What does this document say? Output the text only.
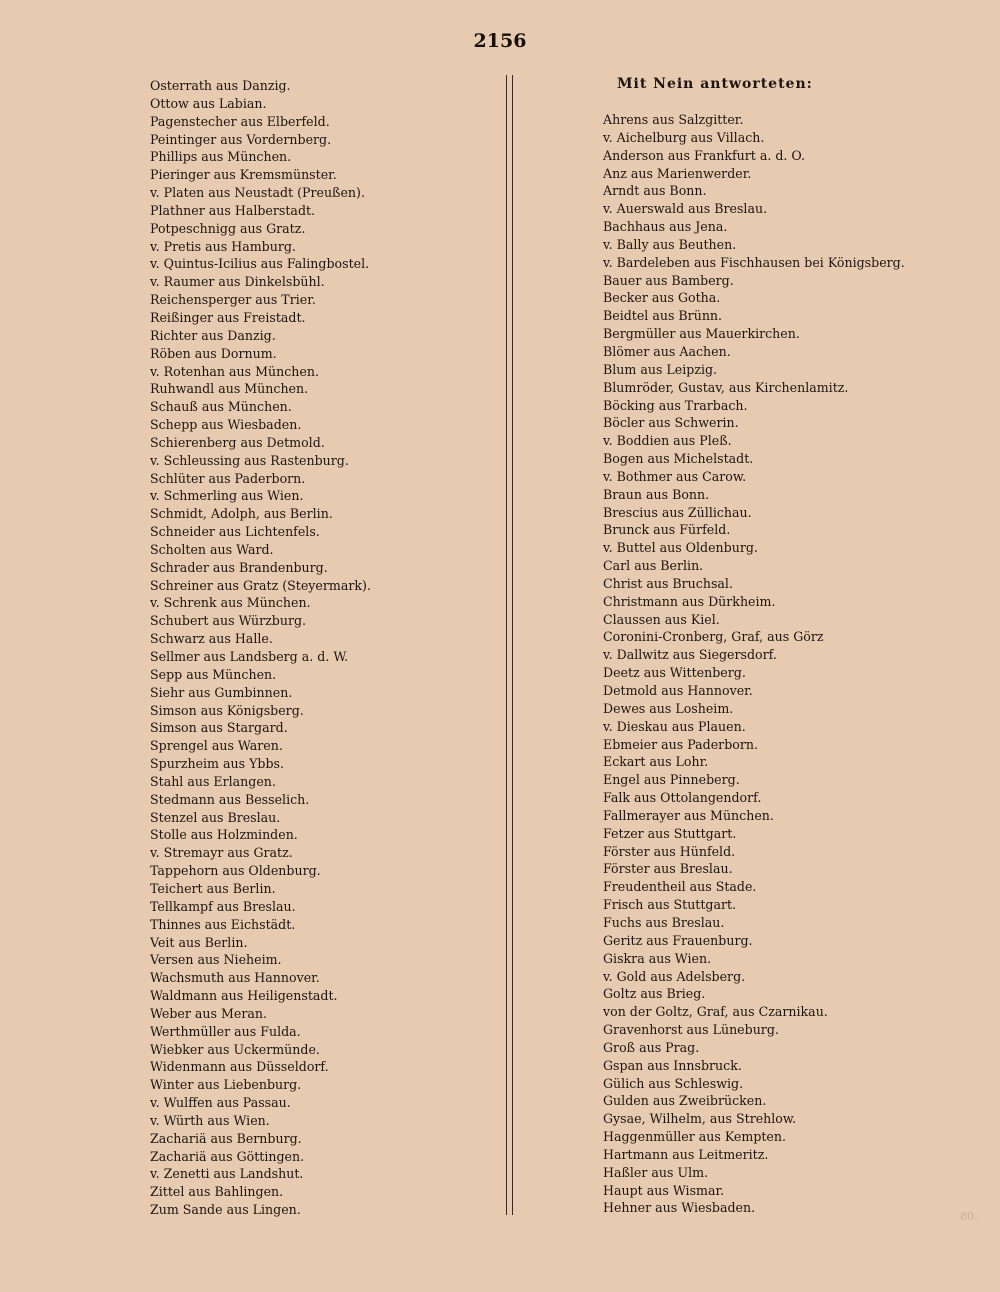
2156
Osterrath aus Danzig.
Ottow aus Labian.
Pagenstecher aus Elberfeld.
Peintinger aus Vordernberg.
Phillips aus München.
Pieringer aus Kremsmünster.
v. Platen aus Neustadt (Preußen).
Plathner aus Halberstadt.
Potpeschnigg aus Gratz.
v. Pretis aus Hamburg.
v. Quintus-Icilius aus Falingbostel.
v. Raumer aus Dinkelsbühl.
Reichensperger aus Trier.
Reißinger aus Freistadt.
Richter aus Danzig.
Röben aus Dornum.
v. Rotenhan aus München.
Ruhwandl aus München.
Schauß aus München.
Schepp aus Wiesbaden.
Schierenberg aus Detmold.
v. Schleussing aus Rastenburg.
Schlüter aus Paderborn.
v. Schmerling aus Wien.
Schmidt, Adolph, aus Berlin.
Schneider aus Lichtenfels.
Scholten aus Ward.
Schrader aus Brandenburg.
Schreiner aus Gratz (Steyermark).
v. Schrenk aus München.
Schubert aus Würzburg.
Schwarz aus Halle.
Sellmer aus Landsberg a. d. W.
Sepp aus München.
Siehr aus Gumbinnen.
Simson aus Königsberg.
Simson aus Stargard.
Sprengel aus Waren.
Spurzheim aus Ybbs.
Stahl aus Erlangen.
Stedmann aus Besselich.
Stenzel aus Breslau.
Stolle aus Holzminden.
v. Stremayr aus Gratz.
Tappehorn aus Oldenburg.
Teichert aus Berlin.
Tellkampf aus Breslau.
Thinnes aus Eichstädt.
Veit aus Berlin.
Versen aus Nieheim.
Wachsmuth aus Hannover.
Waldmann aus Heiligenstadt.
Weber aus Meran.
Werthmüller aus Fulda.
Wiebker aus Uckermünde.
Widenmann aus Düsseldorf.
Winter aus Liebenburg.
v. Wulffen aus Passau.
v. Würth aus Wien.
Zachariä aus Bernburg.
Zachariä aus Göttingen.
v. Zenetti aus Landshut.
Zittel aus Bahlingen.
Zum Sande aus Lingen.
Mit Nein antworteten:
Ahrens aus Salzgitter.
v. Aichelburg aus Villach.
Anderson aus Frankfurt a. d. O.
Anz aus Marienwerder.
Arndt aus Bonn.
v. Auerswald aus Breslau.
Bachhaus aus Jena.
v. Bally aus Beuthen.
v. Bardeleben aus Fischhausen bei Königsberg.
Bauer aus Bamberg.
Becker aus Gotha.
Beidtel aus Brünn.
Bergmüller aus Mauerkirchen.
Blömer aus Aachen.
Blum aus Leipzig.
Blumröder, Gustav, aus Kirchenlamitz.
Böcking aus Trarbach.
Böcler aus Schwerin.
v. Boddien aus Pleß.
Bogen aus Michelstadt.
v. Bothmer aus Carow.
Braun aus Bonn.
Brescius aus Züllichau.
Brunck aus Fürfeld.
v. Buttel aus Oldenburg.
Carl aus Berlin.
Christ aus Bruchsal.
Christmann aus Dürkheim.
Claussen aus Kiel.
Coronini-Cronberg, Graf, aus Görz
v. Dallwitz aus Siegersdorf.
Deetz aus Wittenberg.
Detmold aus Hannover.
Dewes aus Losheim.
v. Dieskau aus Plauen.
Ebmeier aus Paderborn.
Eckart aus Lohr.
Engel aus Pinneberg.
Falk aus Ottolangendorf.
Fallmerayer aus München.
Fetzer aus Stuttgart.
Förster aus Hünfeld.
Förster aus Breslau.
Freudentheil aus Stade.
Frisch aus Stuttgart.
Fuchs aus Breslau.
Geritz aus Frauenburg.
Giskra aus Wien.
v. Gold aus Adelsberg.
Goltz aus Brieg.
von der Goltz, Graf, aus Czarnikau.
Gravenhorst aus Lüneburg.
Groß aus Prag.
Gspan aus Innsbruck.
Gülich aus Schleswig.
Gulden aus Zweibrücken.
Gysae, Wilhelm, aus Strehlow.
Haggenmüller aus Kempten.
Hartmann aus Leitmeritz.
Haßler aus Ulm.
Haupt aus Wismar.
Hehner aus Wiesbaden.
80.
